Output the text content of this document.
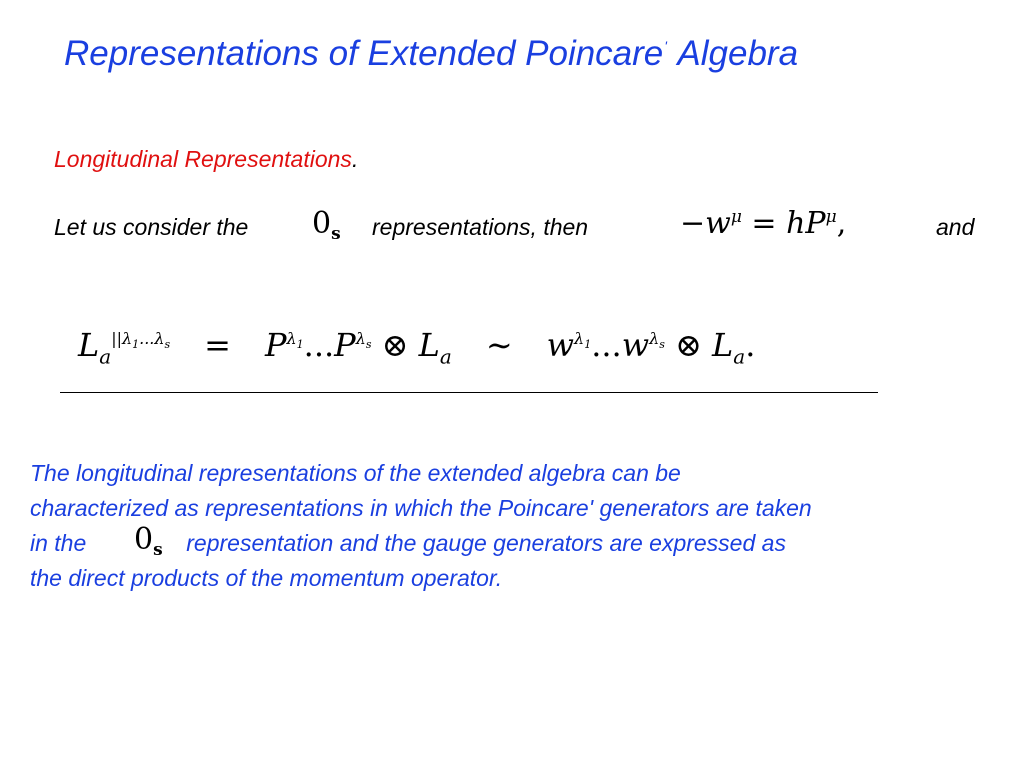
Representations of Extended Poincare' Algebra
Longitudinal Representations.
Let us consider the $0_s$ representations, then	$-w^\mu = hP^\mu$,	and
$L_a^{||\lambda_1...\lambda_s} = P^{\lambda_1}...P^{\lambda_s}$ ⊗ $L_a$ ∼ $w^{\lambda_1}...w^{\lambda_s}$ ⊗ $L_a$.
The longitudinal representations of the extended algebra can be
characterized as representations in which the Poincare' generators are taken
in the	representation and the gauge generators are expressed as
the direct products of the momentum operator.
$0_s$
